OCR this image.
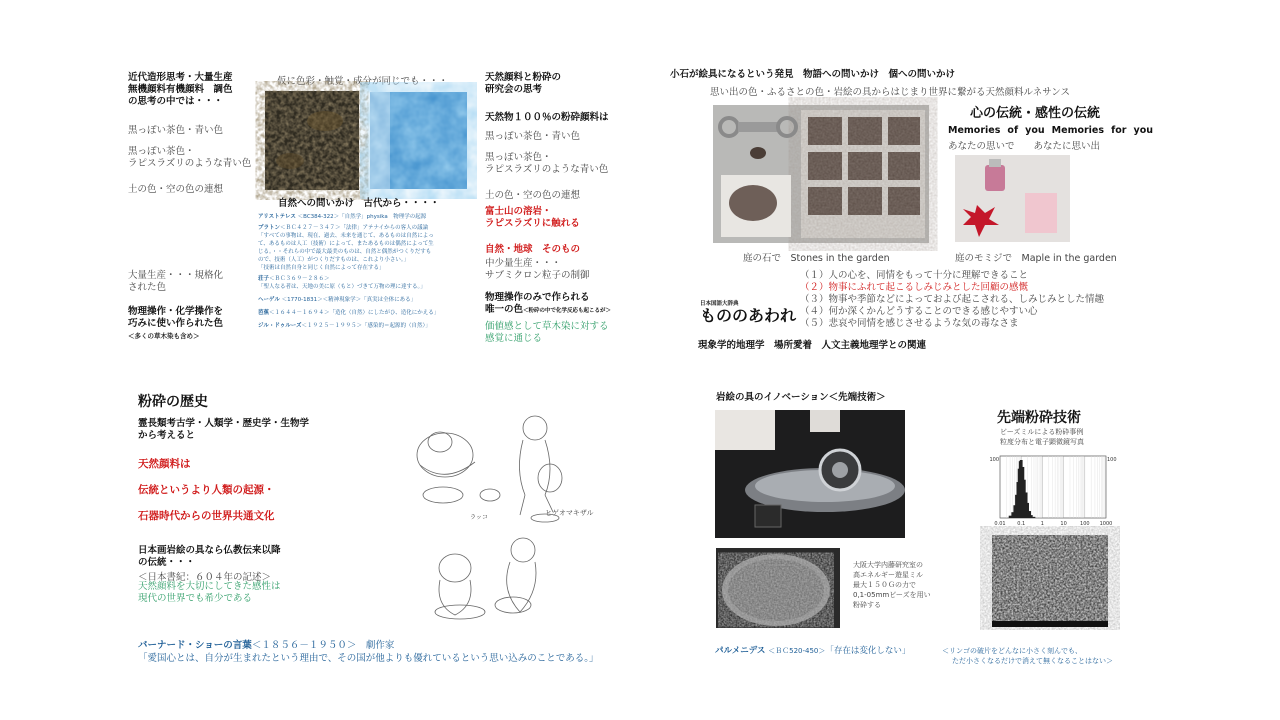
近代造形思考・大量生産
無機顔料有機顔料　調色
の思考の中では・・・
黒っぽい茶色・青い色
黒っぽい茶色・
ラピスラズリのような青い色
土の色・空の色の連想
仮に色彩・触覚・成分が同じでも・・・
自然への問いかけ　古代から・・・・
アリストテレス ＜BC384-322＞「自然学」physika　物理学の起源
プラトン＜ＢＣ４２７－３４７＞「法律」アテナイからの客人の議論
「すべての事物は、現在、過去、未来を通じて、あるものは自然によっ
て、あるものは人工（技術）によって、またあるものは偶然によって生
じる。・・それらの中で最大最美のものは、自然と偶然がつくりだすも
ので、技術（人工）がつくりだすものは、これより小さい。」
「技術は自然自身と同じく自然によって存在する」
荘子＜ＢＣ３６９－２８６＞
「聖人なる者は、天地の美に原（もと）づきて万物の理に達する。」
ヘーゲル ＜1770-1831＞＜精神現象学＞「真実は全体にある」
芭蕉＜１６４４－１６９４＞「造化（自然）にしたがひ、造化にかえる」
ジル・ドゥルーズ＜１９２５－１９９５＞「感染的＝起源的（自然）」
大量生産・・・規格化
された色
物理操作・化学操作を
巧みに使い作られた色
＜多くの草木染も含め＞
天然顔料と粉砕の
研究会の思考
天然物１００％の粉砕顔料は
黒っぽい茶色・青い色
黒っぽい茶色・
ラピスラズリのような青い色
土の色・空の色の連想
富士山の溶岩・
ラピスラズリに触れる
自然・地球　そのもの
中少量生産・・・
サブミクロン粒子の制御
物理操作のみで作られる
唯一の色＜粉砕の中で化学反応も起こるが＞
価値感として草木染に対する
感覚に通じる
小石が絵具になるという発見　物語への問いかけ　個への問いかけ
思い出の色・ふるさとの色・岩絵の具からはじまり世界に繋がる天然顔料ルネサンス
心の伝統・感性の伝統
Memories of you Memories for you
あなたの思いで　　あなたに思い出
庭の石で　Stones in the garden	庭のモミジで　Maple in the garden
日本国語大辞典
もののあわれ
（１）人の心を、同情をもって十分に理解できること
（２）物事にふれて起こるしみじみとした回顧の感慨
（３）物事や季節などによっておよび起こされる、しみじみとした情趣
（４）何か深くかんどうすることのできる感じやすい心
（５）悲哀や同情を感じさせるような気の毒なさま
現象学的地理学　場所愛着　人文主義地理学との関連
粉砕の歴史
霊長類考古学・人類学・歴史学・生物学
から考えると
天然顔料は
伝統というより人類の起源・
石器時代からの世界共通文化
日本画岩絵の具なら仏教伝来以降
の伝統・・・
＜日本書紀：６０４年の記述＞
天然顔料を大切にしてきた感性は
現代の世界でも希少である
ラッコ
ヒゲオマキザル
バーナード・ショーの言葉＜１８５６－１９５０＞　劇作家
「愛国心とは、自分が生まれたという理由で、その国が他よりも優れているという思い込みのことである。」
岩絵の具のイノベーション＜先端技術＞
先端粉砕技術
ビーズミルによる粉砕事例
粒度分布と電子顕微鏡写真
0.01 0.1	1	10	100 1000
100	100
大阪大学内藤研究室の
高エネルギー遊星ミル
最大１５０Ｇの力で
0,1-05mmビーズを用い
粉砕する
パルメニデス ＜ＢＣ520-450＞「存在は変化しない」	＜リンゴの破片をどんなに小さく刻んでも、
ただ小さくなるだけで消えて無くなることはない＞
